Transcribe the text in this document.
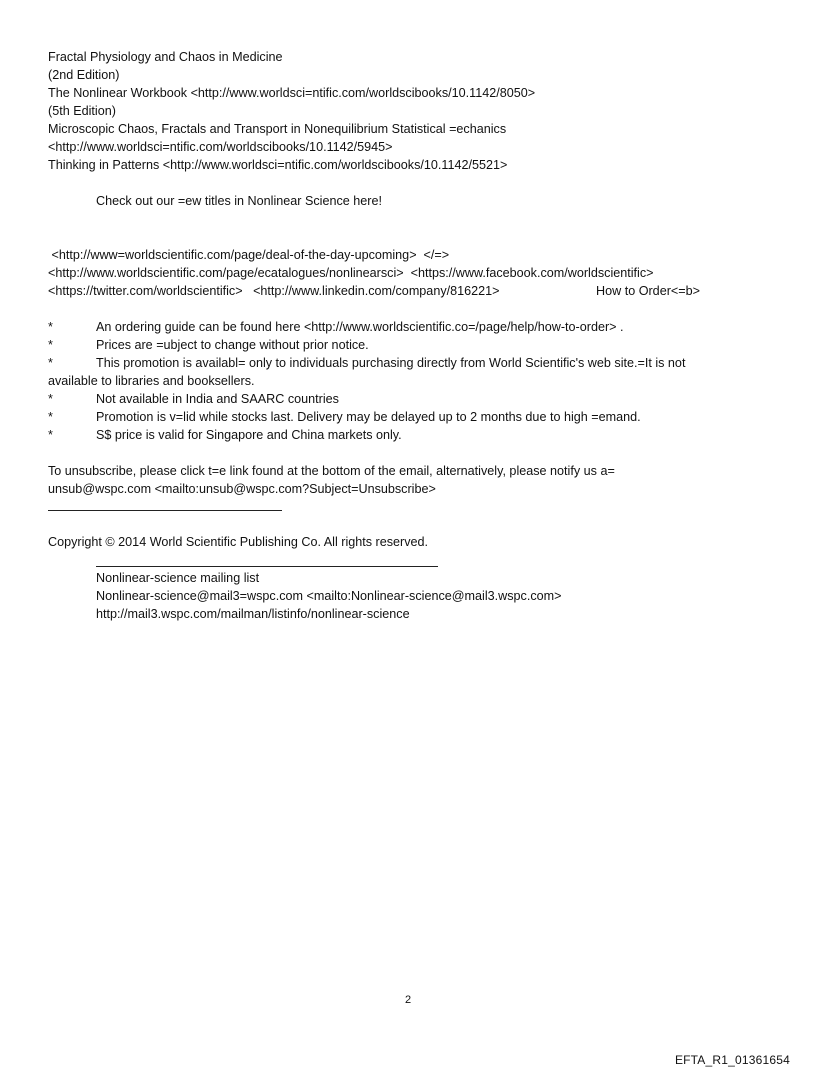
Fractal Physiology and Chaos in Medicine
(2nd Edition)
The Nonlinear Workbook <http://www.worldsci=ntific.com/worldscibooks/10.1142/8050>
(5th Edition)
Microscopic Chaos, Fractals and Transport in Nonequilibrium Statistical =echanics
<http://www.worldsci=ntific.com/worldscibooks/10.1142/5945>
Thinking in Patterns <http://www.worldsci=ntific.com/worldscibooks/10.1142/5521>
Check out our =ew titles in Nonlinear Science here!
<http://www=worldscientific.com/page/deal-of-the-day-upcoming>  </=>
<http://www.worldscientific.com/page/ecatalogues/nonlinearsci>  <https://www.facebook.com/worldscientific>
<https://twitter.com/worldscientific>   <http://www.linkedin.com/company/816221>	How to Order<=b>
*	An ordering guide can be found here <http://www.worldscientific.co=/page/help/how-to-order> .
*	Prices are =ubject to change without prior notice.
*	This promotion is availabl= only to individuals purchasing directly from World Scientific's web site.=It is not
available to libraries and booksellers.
*	Not available in India and SAARC countries
*	Promotion is v=lid while stocks last. Delivery may be delayed up to 2 months due to high =emand.
*	S$ price is valid for Singapore and China markets only.
To unsubscribe, please click t=e link found at the bottom of the email, alternatively, please notify us a=
unsub@wspc.com <mailto:unsub@wspc.com?Subject=Unsubscribe>
Copyright © 2014 World Scientific Publishing Co. All rights reserved.
Nonlinear-science mailing list
Nonlinear-science@mail3=wspc.com <mailto:Nonlinear-science@mail3.wspc.com>
http://mail3.wspc.com/mailman/listinfo/nonlinear-science
2
EFTA_R1_01361654
